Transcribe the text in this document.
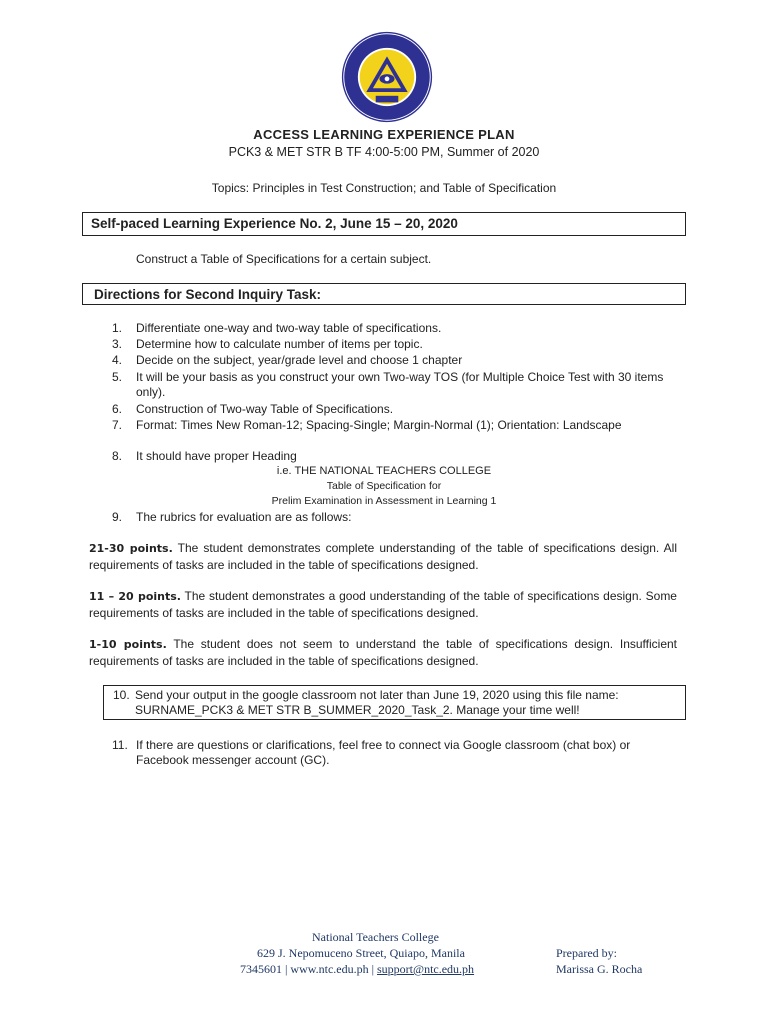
ACCESS LEARNING EXPERIENCE PLAN
PCK3 & MET STR B TF 4:00-5:00 PM, Summer of 2020
Topics: Principles in Test Construction; and Table of Specification
Self-paced Learning Experience No. 2, June 15 – 20, 2020
Construct a Table of Specifications for a certain subject.
Directions for Second Inquiry Task:
1. Differentiate one-way and two-way table of specifications.
3. Determine how to calculate number of items per topic.
4. Decide on the subject, year/grade level and choose 1 chapter
5. It will be your basis as you construct your own Two-way TOS (for Multiple Choice Test with 30 items only).
6. Construction of Two-way Table of Specifications.
7. Format: Times New Roman-12; Spacing-Single; Margin-Normal (1); Orientation: Landscape
8. It should have proper Heading
i.e. THE NATIONAL TEACHERS COLLEGE
Table of Specification for
Prelim Examination in Assessment in Learning 1
9. The rubrics for evaluation are as follows:
21-30 points. The student demonstrates complete understanding of the table of specifications design. All requirements of tasks are included in the table of specifications designed.
11 – 20 points. The student demonstrates a good understanding of the table of specifications design. Some requirements of tasks are included in the table of specifications designed.
1-10 points. The student does not seem to understand the table of specifications design. Insufficient requirements of tasks are included in the table of specifications designed.
10. Send your output in the google classroom not later than June 19, 2020 using this file name: SURNAME_PCK3 & MET STR B_SUMMER_2020_Task_2. Manage your time well!
11. If there are questions or clarifications, feel free to connect via Google classroom (chat box) or Facebook messenger account (GC).
National Teachers College
629 J. Nepomuceno Street, Quiapo, Manila
7345601 | www.ntc.edu.ph | support@ntc.edu.ph
Prepared by:
Marissa G. Rocha
